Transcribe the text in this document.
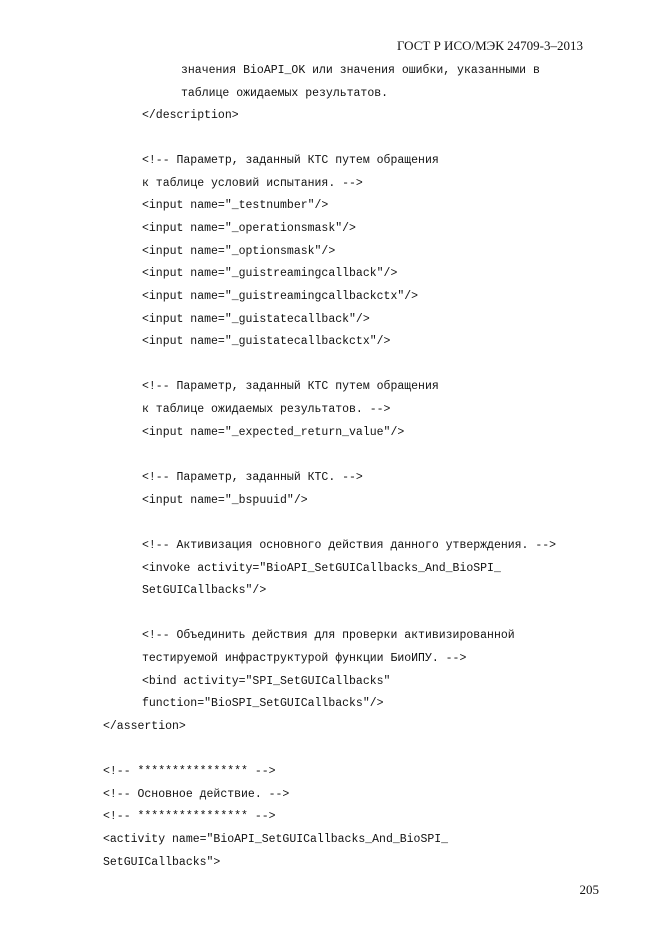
ГОСТ Р ИСО/МЭК 24709-3–2013
значения BioAPI_OK или значения ошибки, указанными в
таблице ожидаемых результатов.
</description>
<!-- Параметр, заданный КТС путем обращения
к таблице условий испытания. -->
<input name="_testnumber"/>
<input name="_operationsmask"/>
<input name="_optionsmask"/>
<input name="_guistreamingcallback"/>
<input name="_guistreamingcallbackctx"/>
<input name="_guistatecallback"/>
<input name="_guistatecallbackctx"/>
<!-- Параметр, заданный КТС путем обращения
к таблице ожидаемых результатов. -->
<input name="_expected_return_value"/>
<!-- Параметр, заданный КТС. -->
<input name="_bspuuid"/>
<!-- Активизация основного действия данного утверждения. -->
<invoke activity="BioAPI_SetGUICallbacks_And_BioSPI_
SetGUICallbacks"/>
<!-- Объединить действия для проверки активизированной
тестируемой инфраструктурой функции БиоИПУ. -->
<bind activity="SPI_SetGUICallbacks"
function="BioSPI_SetGUICallbacks"/>
</assertion>
<!-- **************** -->
<!-- Основное действие. -->
<!-- **************** -->
<activity name="BioAPI_SetGUICallbacks_And_BioSPI_
SetGUICallbacks">
205
